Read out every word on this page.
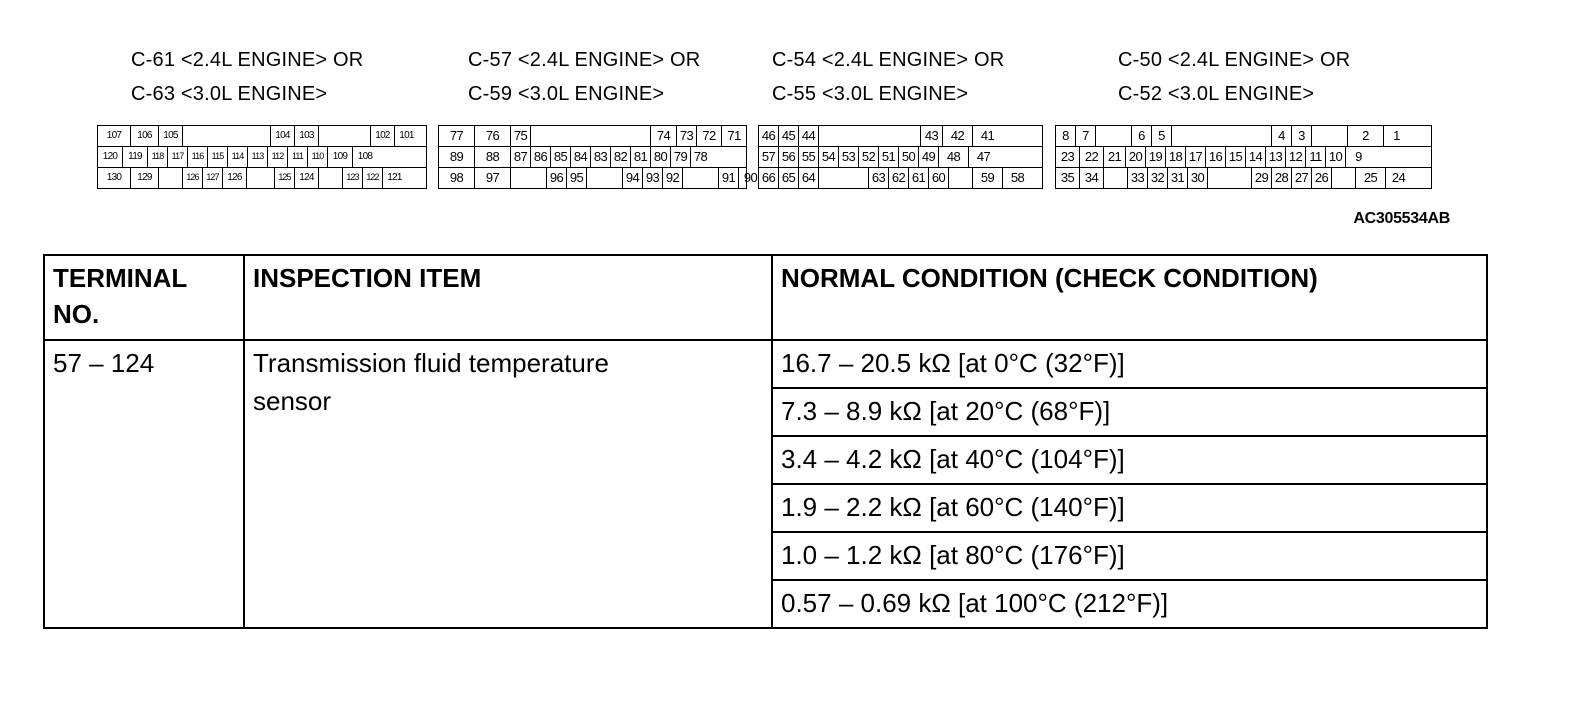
C-61 <2.4L ENGINE> OR
C-63 <3.0L ENGINE>
C-57 <2.4L ENGINE> OR
C-59 <3.0L ENGINE>
C-54 <2.4L ENGINE> OR
C-55 <3.0L ENGINE>
C-50 <2.4L ENGINE> OR
C-52 <3.0L ENGINE>
107	106	105	104 103	102 101
120	119	118 117 116 115 114 113 112 111 110 109	108
130	129	126 127 126	125 124	123 122 121
77	76	75	74 73 72 71
89	88	87 86 85 84 83 82 81 80 79 78
98	97	96 95	94 93 92	91 90
46 45 44	43 42	41
57 56 55 54 53 52 51 50 49 48	47
66 65 64	63 62 61 60	59	58
8	7	6	5	4	3	2	1
23 22 21 20 19 18 17 16 15 14 13 12 11 10	9
35 34	33 32 31 30	29 28 27 26	25	24
AC305534AB
TERMINAL NO.	INSPECTION ITEM	NORMAL CONDITION (CHECK CONDITION)
57 – 124	Transmission fluid temperature sensor	16.7 – 20.5 kΩ [at 0°C (32°F)]
		7.3 – 8.9 kΩ [at 20°C (68°F)]
		3.4 – 4.2 kΩ [at 40°C (104°F)]
		1.9 – 2.2 kΩ [at 60°C (140°F)]
		1.0 – 1.2 kΩ [at 80°C (176°F)]
		0.57 – 0.69 kΩ [at 100°C (212°F)]
